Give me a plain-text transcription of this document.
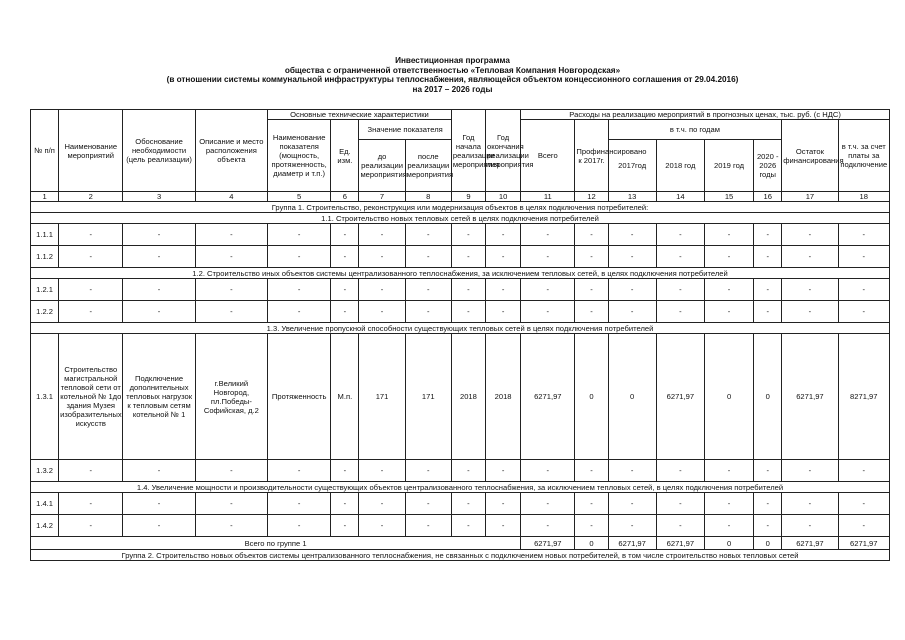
Инвестиционная программа
общества с ограниченной ответственностью «Тепловая Компания Новгородская»
(в отношении системы коммунальной инфраструктуры теплоснабжения, являющейся объектом концессионного соглашения от 29.04.2016)
на 2017 – 2026 годы
№ п/п	Наименование мероприятий	Обоснование необходимости (цель реализации)	Описание и место расположения объекта	Основные технические характеристики				Год начала реализации мероприятия	Год окончания реализации мероприятия	Расходы на реализацию мероприятий в прогнозных ценах, тыс. руб. (с НДС)							
				Наименование показателя (мощность, протяженность, диаметр и т.п.)	Ед. изм.	Значение показателя				Всего	Профинансировано к 2017г.	в т.ч. по годам				Остаток финансирования	в т.ч. за счет платы за подключение
						до реализации мероприятия	после реализации мероприятия					2017год	2018 год	2019 год	2020 - 2026 годы		
1	2	3	4	5	6	7	8	9	10	11	12	13	14	15	16	17	18
Группа 1. Строительство, реконструкция или модернизация объектов в целях подключения потребителей:																	
1.1. Строительство новых тепловых сетей в целях подключения потребителей																	
1.1.1	-	-	-	-	-	-	-	-	-	-	-	-	-	-	-	-	-
1.1.2	-	-	-	-	-	-	-	-	-	-	-	-	-	-	-	-	-
1.2. Строительство иных объектов системы централизованного теплоснабжения, за исключением тепловых сетей, в целях подключения потребителей																	
1.2.1	-	-	-	-	-	-	-	-	-	-	-	-	-	-	-	-	-
1.2.2	-	-	-	-	-	-	-	-	-	-	-	-	-	-	-	-	-
1.3. Увеличение пропускной способности существующих тепловых сетей в целях подключения потребителей																	
1.3.1	Строительство магистральной тепловой сети от котельной № 1до здания Музея изобразительных искусств	Подключение дополнительных тепловых нагрузок к тепловым сетям котельной № 1	г.Великий Новгород, пл.Победы-Софийская, д.2	Протяженность	М.п.	171	171	2018	2018	6271,97	0	0	6271,97	0	0	6271,97	8271,97
1.3.2	-	-	-	-	-	-	-	-	-	-	-	-	-	-	-	-	-
1.4. Увеличение мощности и производительности существующих объектов централизованного теплоснабжения, за исключением тепловых сетей, в целях подключения потребителей																	
1.4.1	-	-	-	-	-	-	-	-	-	-	-	-	-	-	-	-	-
1.4.2	-	-	-	-	-	-	-	-	-	-	-	-	-	-	-	-	-
Всего по группе 1										6271,97	0	6271,97	6271,97	0	0	6271,97	6271,97
Группа 2. Строительство новых объектов системы централизованного теплоснабжения, не связанных с подключением новых потребителей, в том числе строительство новых тепловых сетей																	
